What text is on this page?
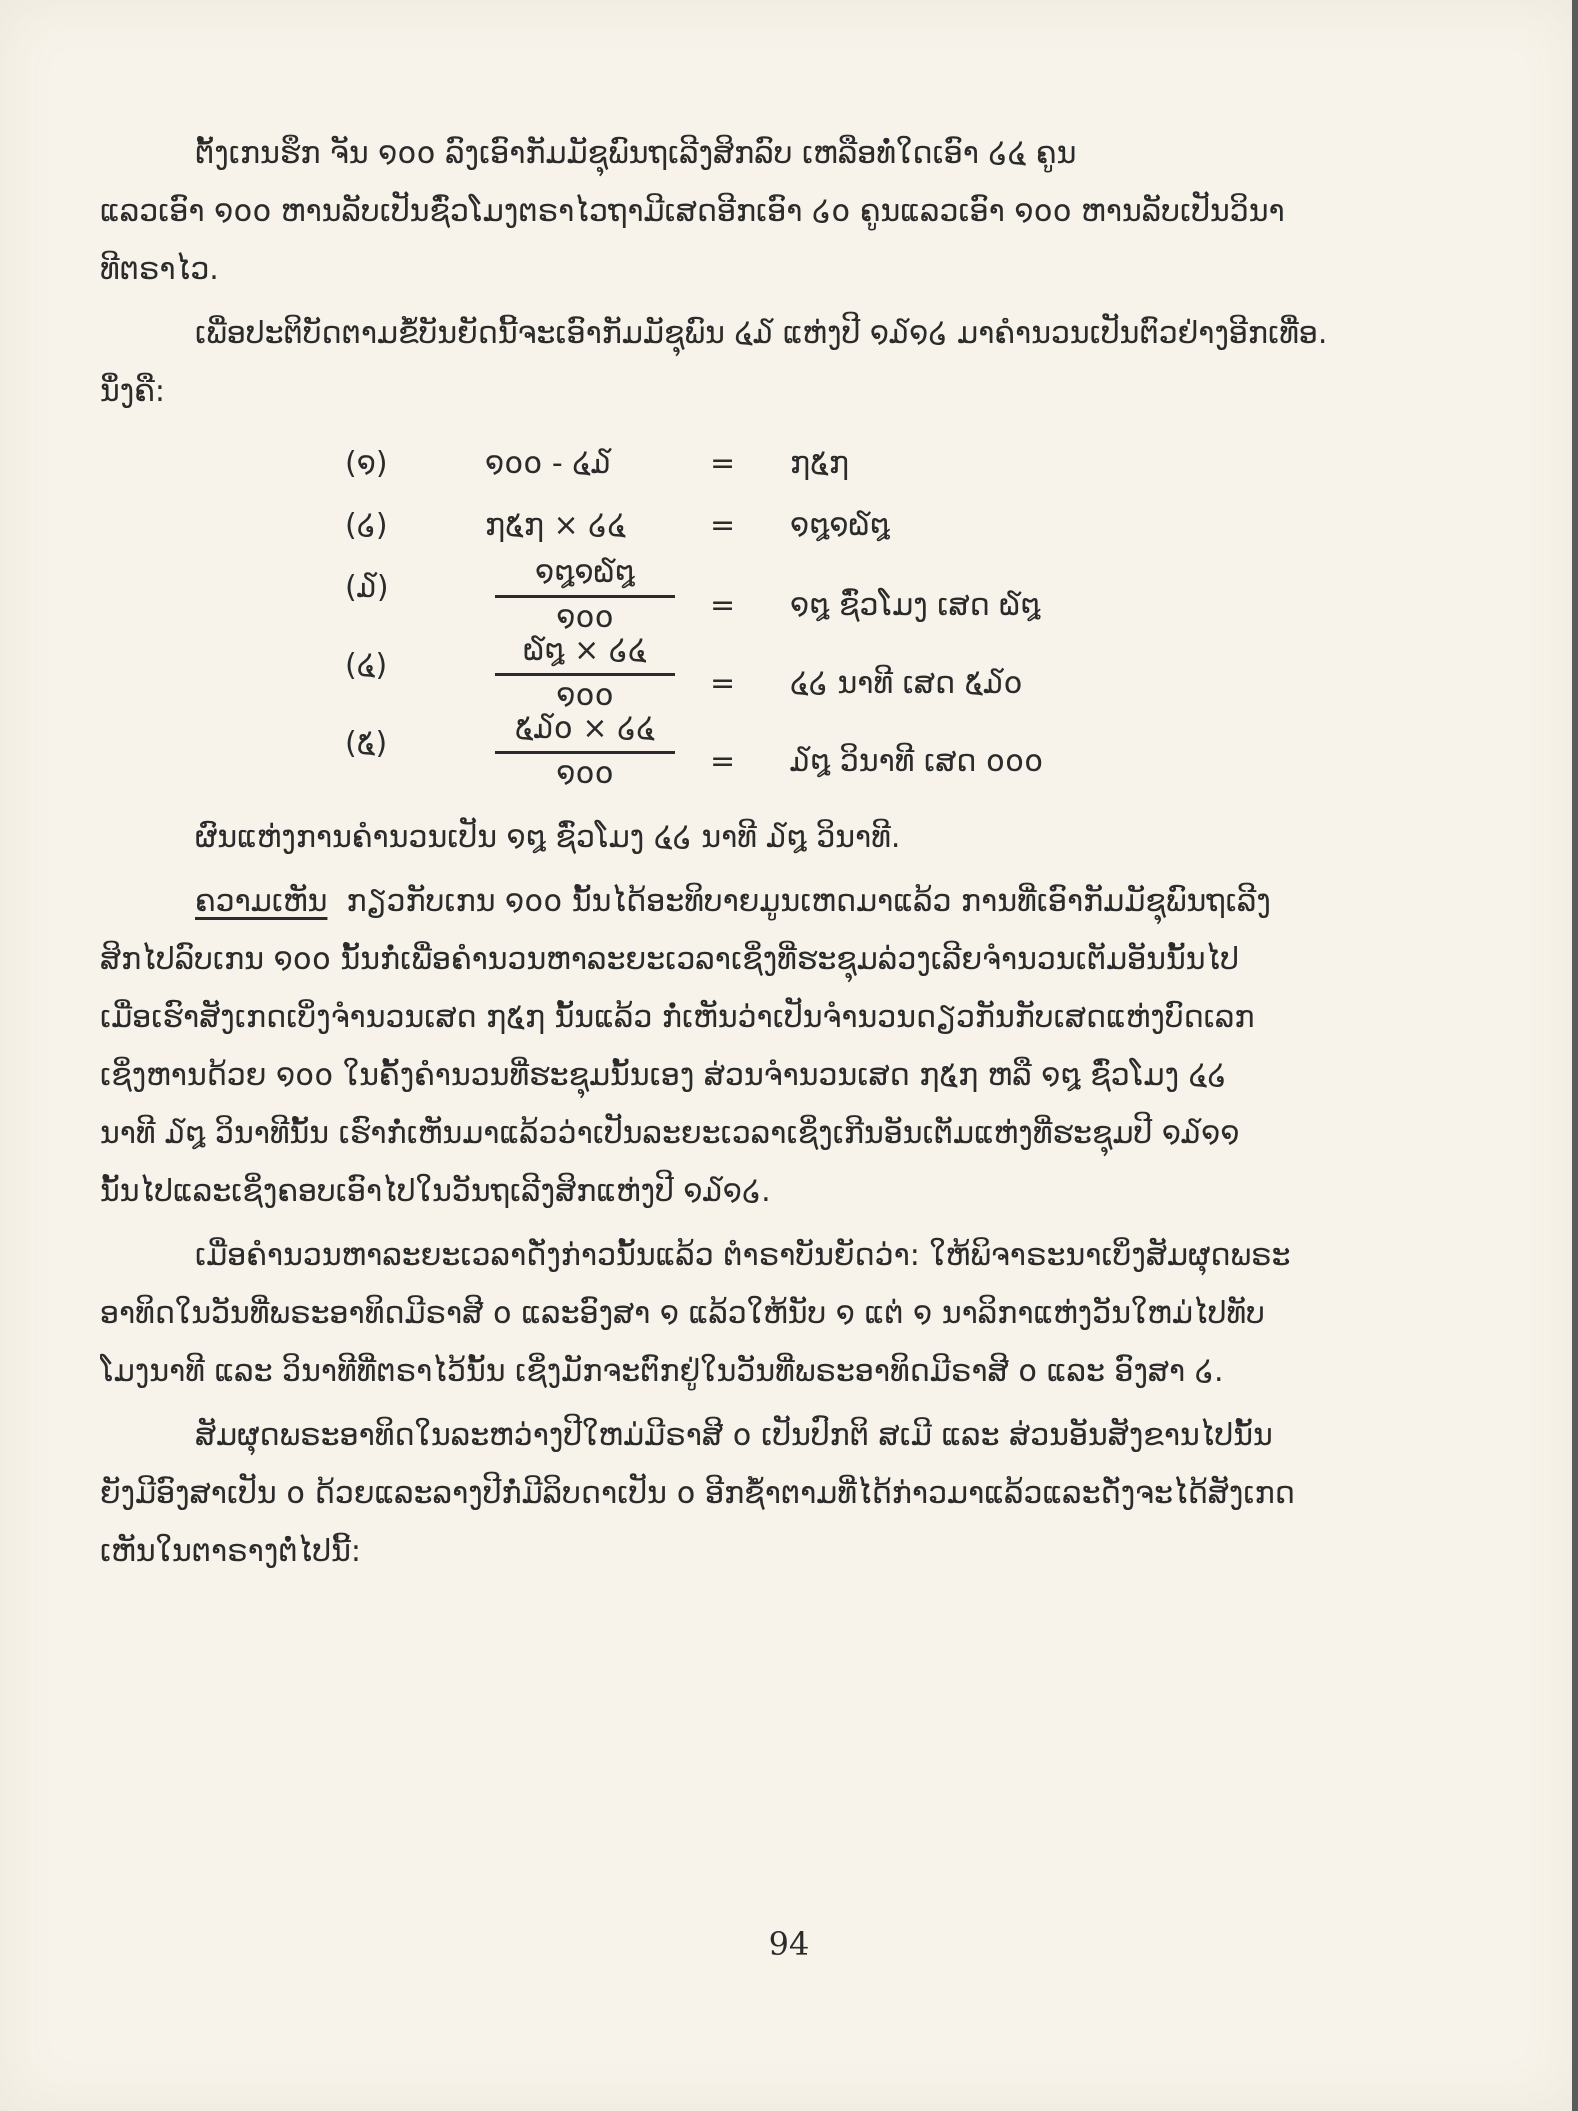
ຕັ້ງເກນຮຶກ ຈັນ ໑໐໐ ລົງເອົາກັມມັຊຸພົນຖເລີງສິກລົບ ເຫລືອທໍ່ໃດເອົາ ໒໔ ຄູນ
ແລວເອົາ ໑໐໐ ຫານລັບເປັນຊົ່ວໂມງຕຣາໄວຖາມີເສດອີກເອົາ ໒໐ ຄູນແລວເອົາ ໑໐໐ ຫານລັບເປັນວິນາ
ທີຕຣາໄວ.
ເພື່ອປະຕິບັດຕາມຂໍ້ບັນຍັດນີ້ຈະເອົາກັມມັຊຸພົນ ໔໓ ແຫ່ງປີ ໑໓໑໒ ມາຄຳນວນເປັນຕົວຢ່າງອີກເທື່ອ.
ນຶ່ງຄື:
(໑)	໑໐໐ - ໔໓	= ໗໕໗
(໒)	໗໕໗ × ໒໔	= ໑໘໑໖໘
(໓)	໑໘໑໖໘
໑໐໐	= ໑໘ ຊົ່ວໂມງ ເສດ ໖໘
(໔)	໖໘ × ໒໔
໑໐໐	= ໔໒ ນາທີ ເສດ ໕໓໐
(໕)	໕໓໐ × ໒໔
໑໐໐	= ໓໘ ວິນາທີ ເສດ ໐໐໐
ຜົນແຫ່ງການຄຳນວນເປັນ ໑໘ ຊົ່ວໂມງ ໔໒ ນາທີ ໓໘ ວິນາທີ.
ຄວາມເຫັນ ກຽວກັບເກນ ໑໐໐ ນັ້ນໄດ້ອະທິບາຍມູນເຫດມາແລ້ວ ການທີ່ເອົາກັມມັຊຸພົນຖເລີງ
ສິກໄປລົບເກນ ໑໐໐ ນັ້ນກໍ່ເພື່ອຄຳນວນຫາລະຍະເວລາເຊິ່ງທີ່ຮະຊຸມລ່ວງເລີຍຈຳນວນເຕັມອັນນັ້ນໄປ
ເມື່ອເຮົາສັງເກດເບິ່ງຈຳນວນເສດ ໗໕໗ ນັ້ນແລ້ວ ກໍ່ເຫັນວ່າເປັນຈຳນວນດຽວກັນກັບເສດແຫ່ງບົດເລກ
ເຊິ່ງຫານດ້ວຍ ໑໐໐ ໃນຄັ້ງຄຳນວນທີ່ຮະຊຸມນັ້ນເອງ ສ່ວນຈຳນວນເສດ ໗໕໗ ຫລື ໑໘ ຊົ່ວໂມງ ໔໒
ນາທີ ໓໘ ວິນາທີນັ້ນ ເຮົາກໍ່ເຫັນມາແລ້ວວ່າເປັນລະຍະເວລາເຊິ່ງເກີນອັນເຕັມແຫ່ງທີ່ຮະຊຸມປີ ໑໓໑໑
ນັ້ນໄປແລະເຊິ່ງຄອບເອົາໄປໃນວັນຖເລີງສິກແຫ່ງປີ ໑໓໑໒.
ເມື່ອຄຳນວນຫາລະຍະເວລາດັ່ງກ່າວນັ້ນແລ້ວ ຕຳຣາບັນຍັດວ່າ: ໃຫ້ພິຈາຣະນາເບິ່ງສັມຜຸດພຣະ
ອາທິດໃນວັນທີ່ພຣະອາທິດມີຣາສີ ໐ ແລະອົງສາ ໑ ແລ້ວໃຫ້ນັບ ໑ ແຕ່ ໑ ນາລິກາແຫ່ງວັນໃຫມ່ໄປທັບ
ໂມງນາທີ ແລະ ວິນາທີທີ່ຕຣາໄວ້ນັ້ນ ເຊິ່ງມັກຈະຕົກຢູ່ໃນວັນທີ່ພຣະອາທິດມີຣາສີ ໐ ແລະ ອົງສາ ໒.
ສັມຜຸດພຣະອາທິດໃນລະຫວ່າງປີໃຫມ່ມີຣາສີ ໐ ເປັນປົກຕິ ສເມີ ແລະ ສ່ວນອັນສັງຂານໄປນັ້ນ
ຍັງມີອົງສາເປັນ ໐ ດ້ວຍແລະລາງປີກໍ່ມີລິບດາເປັນ ໐ ອີກຊ້ຳຕາມທີ່ໄດ້ກ່າວມາແລ້ວແລະດັ່ງຈະໄດ້ສັງເກດ
ເຫັນໃນຕາຣາງຕໍ່ໄປນີ້:
94
